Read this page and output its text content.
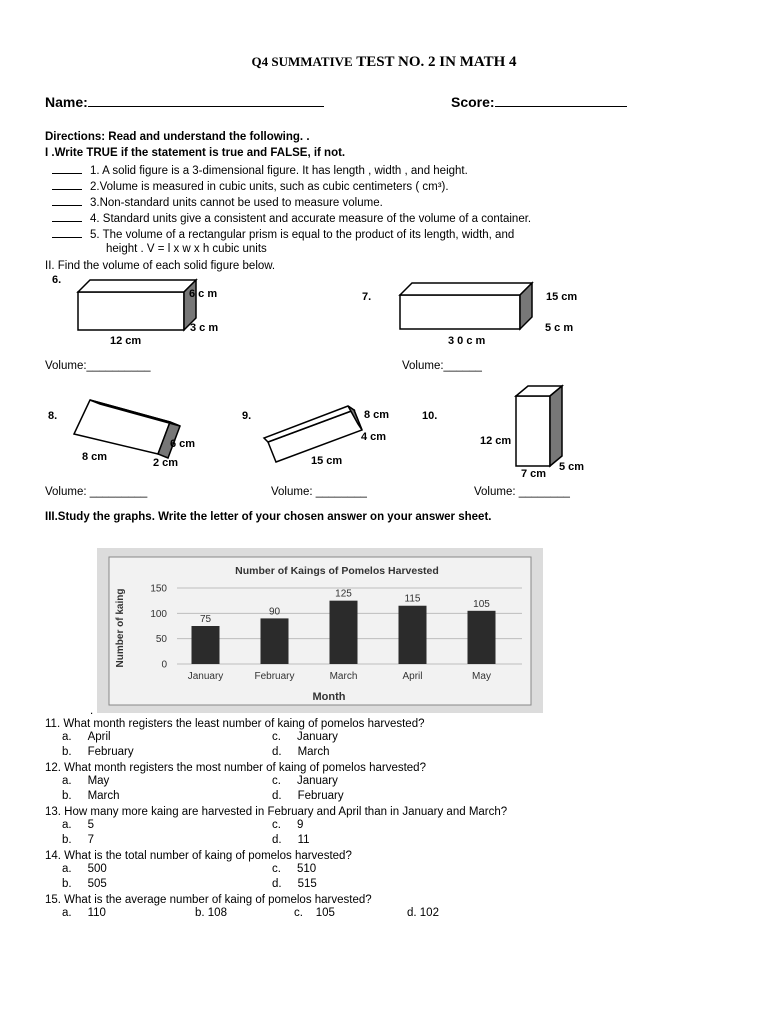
Q4 SUMMATIVE TEST NO. 2 IN MATH 4
Name:	Score:
Directions: Read and understand the following. .
I .Write TRUE if the statement is true and FALSE, if not.
1. A solid figure is a 3-dimensional figure. It has length , width , and height.
2.Volume is measured in cubic units, such as cubic centimeters ( cm³).
3.Non-standard units cannot be used to measure volume.
4. Standard units give a consistent and accurate measure of the volume of a container.
5. The volume of a rectangular prism is equal to the product of its length, width, and
height . V = l x w x h cubic units
II. Find the volume of each solid figure below.
6.
6 c m
3 c m
12 cm
Volume:__________
7.	15 cm
5 c m
3 0 c m
Volume:______
8.
6 cm
8 cm	2 cm
Volume: _________
9.	8 cm
4 cm
15 cm
Volume: ________
10.
12 cm
7 cm
5 cm
Volume: ________
III.Study the graphs. Write the letter of your chosen answer on your answer sheet.
Number of Kaings of Pomelos Harvested
Number of kaing
Month
0
50
100
150
75
January
90
February
125
March
115
April
105
May
.
11. What month registers the least number of kaing of pomelos harvested?
a. April	c. January
b. February	d. March
12. What month registers the most number of kaing of pomelos harvested?
a. May	c. January
b. March	d. February
13. How many more kaing are harvested in February and April than in January and March?
a. 5	c. 9
b. 7	d. 11
14. What is the total number of kaing of pomelos harvested?
a. 500	c. 510
b. 505	d. 515
15. What is the average number of kaing of pomelos harvested?
a. 110	b. 108	c. 105	d. 102
